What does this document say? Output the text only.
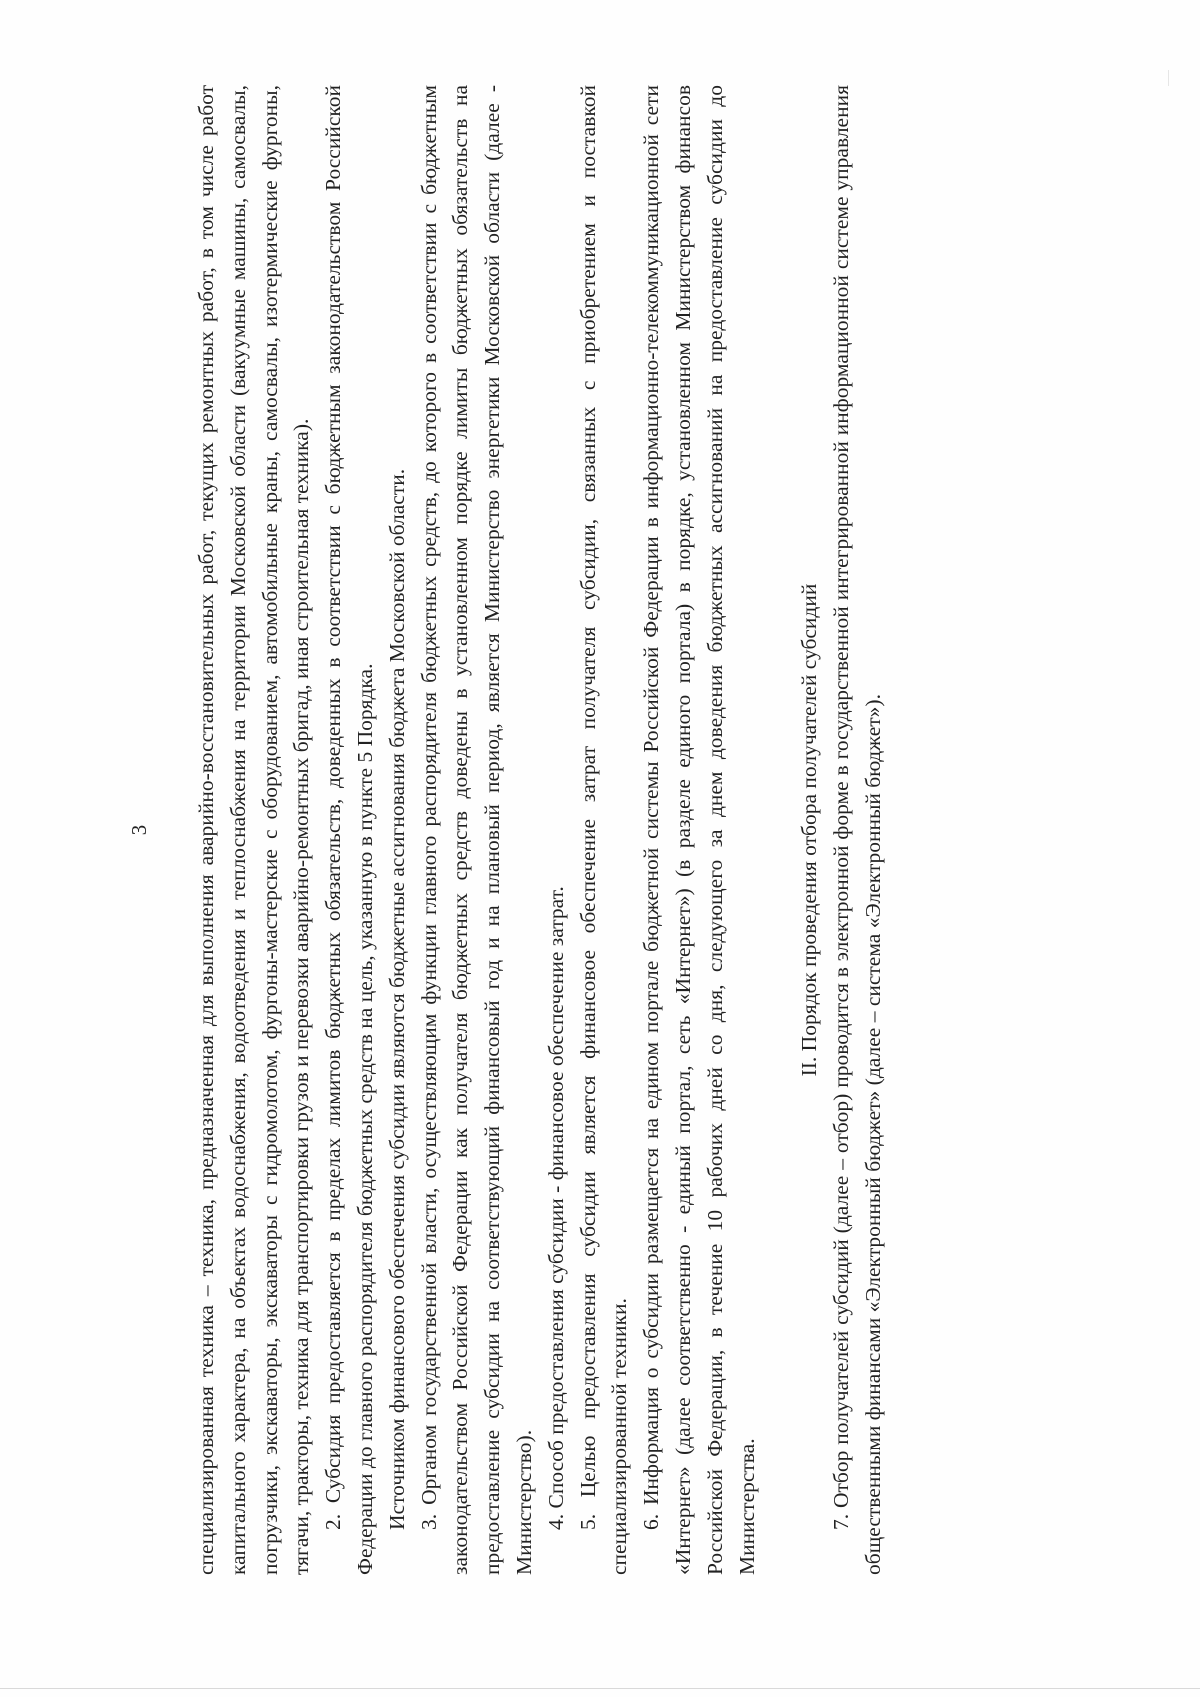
3 специализированная техника – техника, предназначенная для выполнения аварийно-восстановительных работ, текущих ремонтных работ, в том числе работ капитального характера, на объектах водоснабжения, водоотведения и теплоснабжения на территории Московской области (вакуумные машины, самосвалы, погрузчики, экскаваторы, экскаваторы с гидромолотом, фургоны-мастерские с оборудованием, автомобильные краны, самосвалы, изотермические фургоны, тягачи, тракторы, техника для транспортировки грузов и перевозки аварийно-ремонтных бригад, иная строительная техника). 2. Субсидия предоставляется в пределах лимитов бюджетных обязательств, доведенных в соответствии с бюджетным законодательством Российской Федерации до главного распорядителя бюджетных средств на цель, указанную в пункте 5 Порядка. Источником финансового обеспечения субсидии являются бюджетные ассигнования бюджета Московской области. 3. Органом государственной власти, осуществляющим функции главного распорядителя бюджетных средств, до которого в соответствии с бюджетным законодательством Российской Федерации как получателя бюджетных средств доведены в установленном порядке лимиты бюджетных обязательств на предоставление субсидии на соответствующий финансовый год и на плановый период, является Министерство энергетики Московской области (далее - Министерство). 4. Способ предоставления субсидии - финансовое обеспечение затрат. 5. Целью предоставления субсидии является финансовое обеспечение затрат получателя субсидии, связанных с приобретением и поставкой специализированной техники. 6. Информация о субсидии размещается на едином портале бюджетной системы Российской Федерации в информационно-телекоммуникационной сети «Интернет» (далее соответственно - единый портал, сеть «Интернет») (в разделе единого портала) в порядке, установленном Министерством финансов Российской Федерации, в течение 10 рабочих дней со дня, следующего за днем доведения бюджетных ассигнований на предоставление субсидии до Министерства.

II. Порядок проведения отбора получателей субсидий 7. Отбор получателей субсидий (далее – отбор) проводится в электронной форме в государственной интегрированной информационной системе управления общественными финансами «Электронный бюджет» (далее – система «Электронный бюджет»).
